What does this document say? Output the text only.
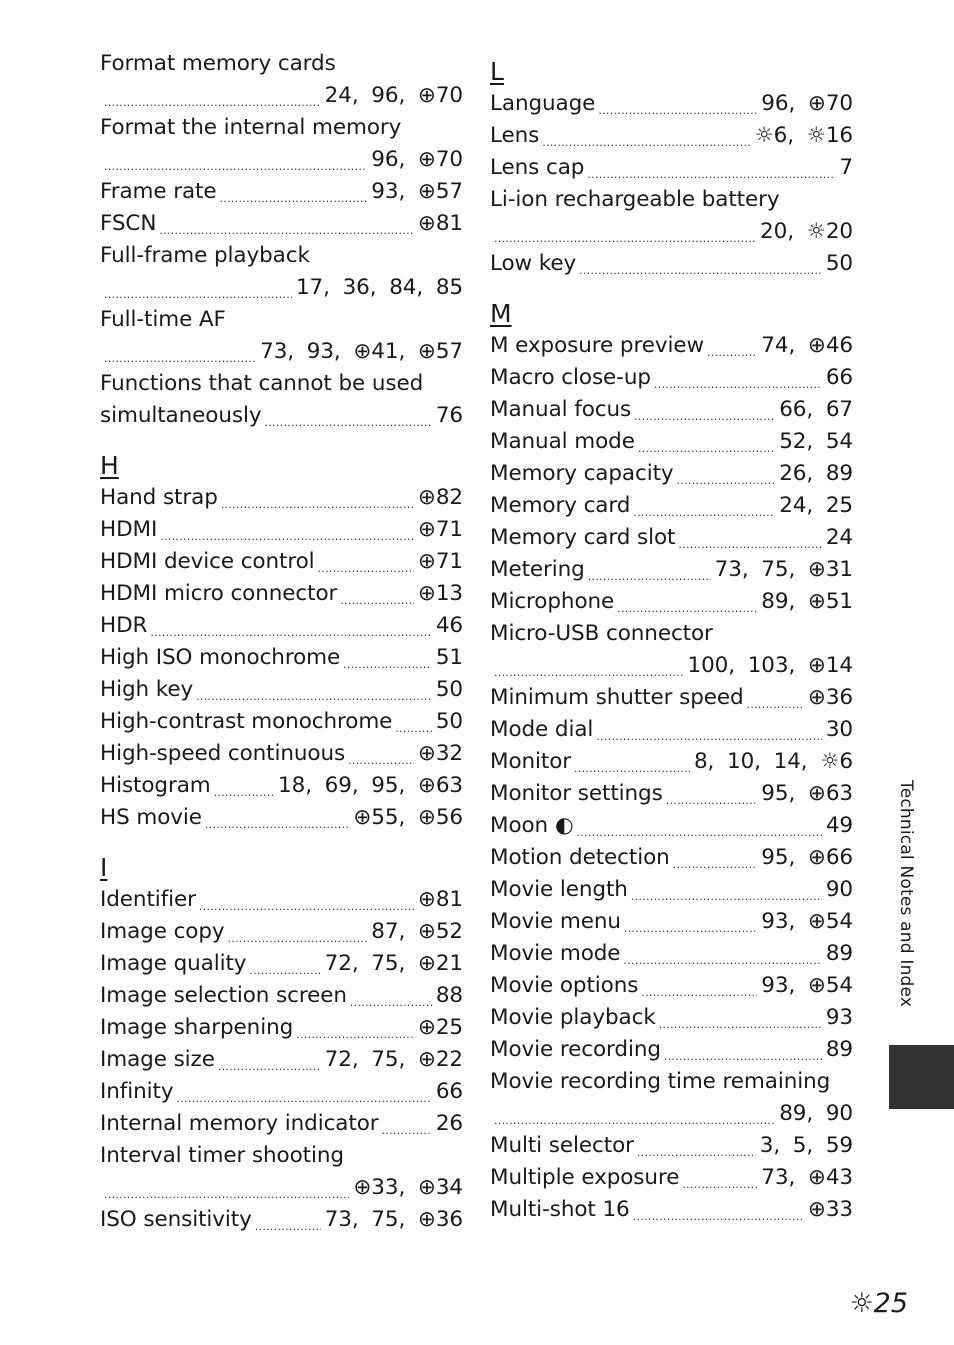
Format memory cards
.....
24, 96, ⊕70
Format the internal memory
.....
96, ⊕70
Frame rate .....	93, ⊕57
FSCN .....	⊕81
Full-frame playback
.....
17, 36, 84, 85
Full-time AF
.....
73, 93, ⊕41, ⊕57
Functions that cannot be used
simultaneously .....	76
H
Hand strap .....	⊕82
HDMI .....	⊕71
HDMI device control .....	⊕71
HDMI micro connector .....	⊕13
HDR .....	46
High ISO monochrome .....	51
High key .....	50
High-contrast monochrome ..... 50
High-speed continuous .....	⊕32
Histogram .....	18, 69, 95, ⊕63
HS movie .....	⊕55, ⊕56
I
Identifier .....	⊕81
Image copy .....	87, ⊕52
Image quality .....	72, 75, ⊕21
Image selection screen .....	88
Image sharpening .....	⊕25
Image size .....	72, 75, ⊕22
Infinity .....	66
Internal memory indicator .....	26
Interval timer shooting
.....
⊕33, ⊕34
ISO sensitivity .....	73, 75, ⊕36
L
Language .....	96, ⊕70
Lens .....	☼6, ☼16
Lens cap .....	7
Li-ion rechargeable battery
.....
20, ☼20
Low key .....	50
M
M exposure preview .....	74, ⊕46
Macro close-up .....	66
Manual focus .....	66, 67
Manual mode .....	52, 54
Memory capacity .....	26, 89
Memory card .....	24, 25
Memory card slot .....	24
Metering .....	73, 75, ⊕31
Microphone .....	89, ⊕51
Micro-USB connector
.....
100, 103, ⊕14
Minimum shutter speed .....	⊕36
Mode dial .....	30
Monitor .....	8, 10, 14, ☼6
Monitor settings .....	95, ⊕63
Moon ◐ .....	49
Motion detection .....	95, ⊕66
Movie length .....	90
Movie menu .....	93, ⊕54
Movie mode .....	89
Movie options .....	93, ⊕54
Movie playback .....	93
Movie recording .....	89
Movie recording time remaining
.....
89, 90
Multi selector .....	3, 5, 59
Multiple exposure .....	73, ⊕43
Multi-shot 16 .....	⊕33
Technical Notes and Index
☼25
